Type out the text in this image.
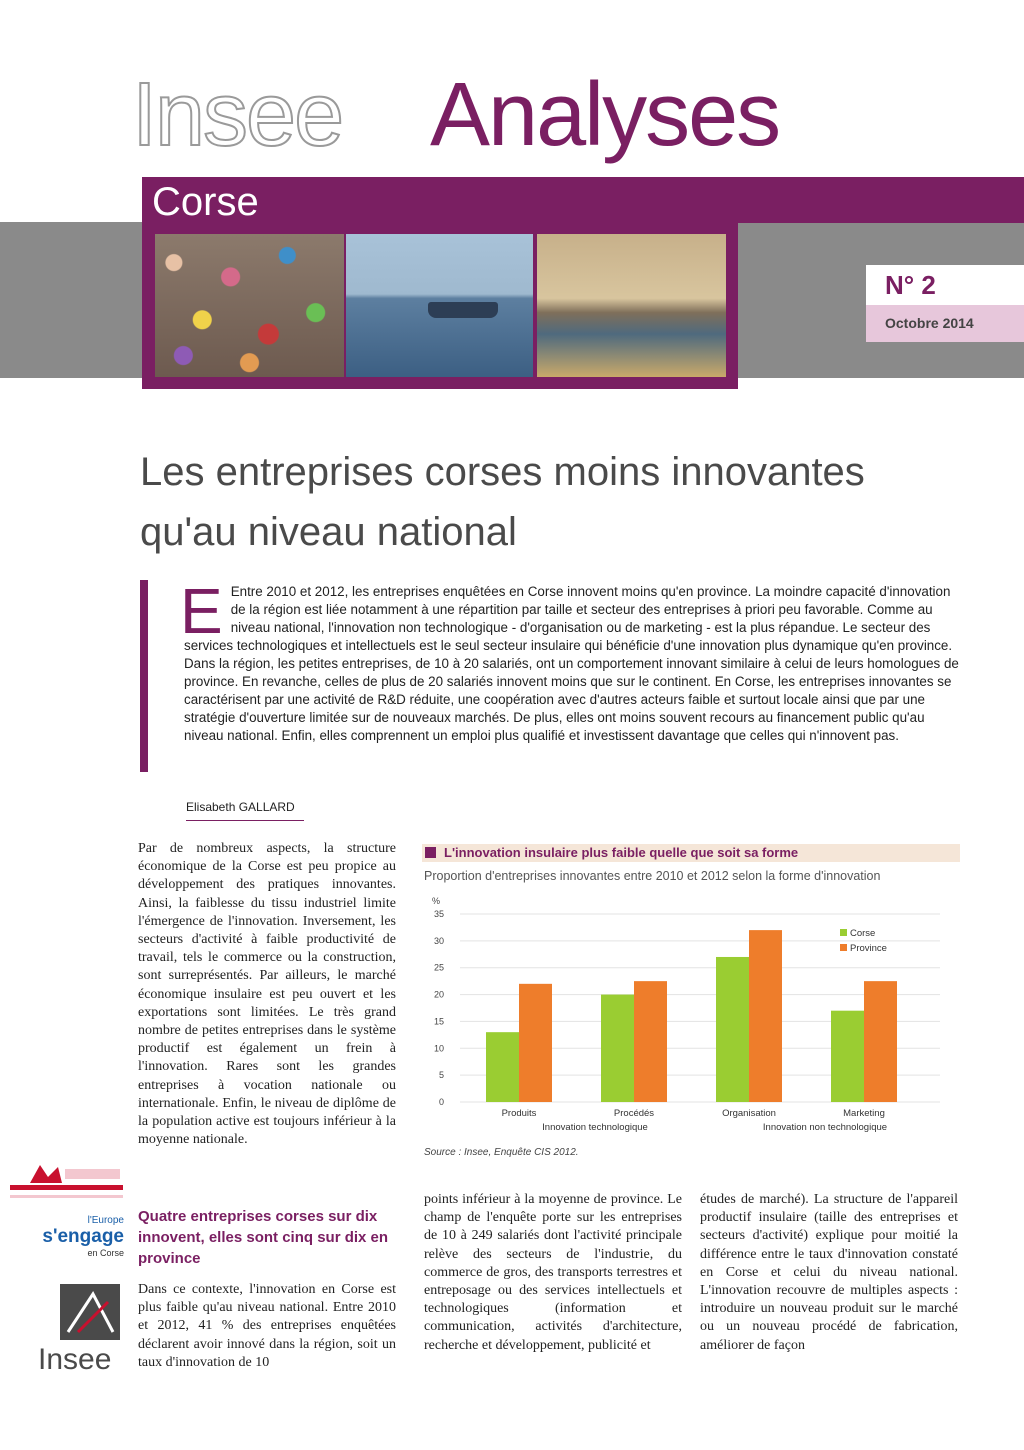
Insee Analyses
Corse
N° 2
Octobre 2014
Les entreprises corses moins innovantes qu'au niveau national
E Entre 2010 et 2012, les entreprises enquêtées en Corse innovent moins qu'en province. La moindre capacité d'innovation de la région est liée notamment à une répartition par taille et secteur des entreprises à priori peu favorable. Comme au niveau national, l'innovation non technologique - d'organisation ou de marketing - est la plus répandue. Le secteur des services technologiques et intellectuels est le seul secteur insulaire qui bénéficie d'une innovation plus dynamique qu'en province. Dans la région, les petites entreprises, de 10 à 20 salariés, ont un comportement innovant similaire à celui de leurs homologues de province. En revanche, celles de plus de 20 salariés innovent moins que sur le continent. En Corse, les entreprises innovantes se caractérisent par une activité de R&D réduite, une coopération avec d'autres acteurs faible et surtout locale ainsi que par une stratégie d'ouverture limitée sur de nouveaux marchés. De plus, elles ont moins souvent recours au financement public qu'au niveau national. Enfin, elles comprennent un emploi plus qualifié et investissent davantage que celles qui n'innovent pas.
Elisabeth GALLARD
Par de nombreux aspects, la structure économique de la Corse est peu propice au développement des pratiques innovantes. Ainsi, la faiblesse du tissu industriel limite l'émergence de l'innovation. Inversement, les secteurs d'activité à faible productivité de travail, tels le commerce ou la construction, sont surreprésentés. Par ailleurs, le marché économique insulaire est peu ouvert et les exportations sont limitées. Le très grand nombre de petites entreprises dans le système productif est également un frein à l'innovation. Rares sont les grandes entreprises à vocation nationale ou internationale. Enfin, le niveau de diplôme de la population active est toujours inférieur à la moyenne nationale.
Quatre entreprises corses sur dix innovent, elles sont cinq sur dix en province
Dans ce contexte, l'innovation en Corse est plus faible qu'au niveau national. Entre 2010 et 2012, 41 % des entreprises enquêtées déclarent avoir innové dans la région, soit un taux d'innovation de 10
points inférieur à la moyenne de province. Le champ de l'enquête porte sur les entreprises de 10 à 249 salariés dont l'activité principale relève des secteurs de l'industrie, du commerce de gros, des transports terrestres et entreposage ou des services intellectuels et technologiques (information et communication, activités d'architecture, recherche et développement, publicité et
études de marché). La structure de l'appareil productif insulaire (taille des entreprises et secteurs d'activité) explique pour moitié la différence entre le taux d'innovation constaté en Corse et celui du niveau national. L'innovation recouvre de multiples aspects : introduire un nouveau produit sur le marché ou un nouveau procédé de fabrication, améliorer de façon
L'innovation insulaire plus faible quelle que soit sa forme
Proportion d'entreprises innovantes entre 2010 et 2012 selon la forme d'innovation
%
0
5
10
15
20
25
30
35
Produits	Procédés	Organisation	Marketing
Innovation technologique	Innovation non technologique
Corse
Province
Source : Insee, Enquête CIS 2012.
l'Europe
s'engage
en Corse
Insee
